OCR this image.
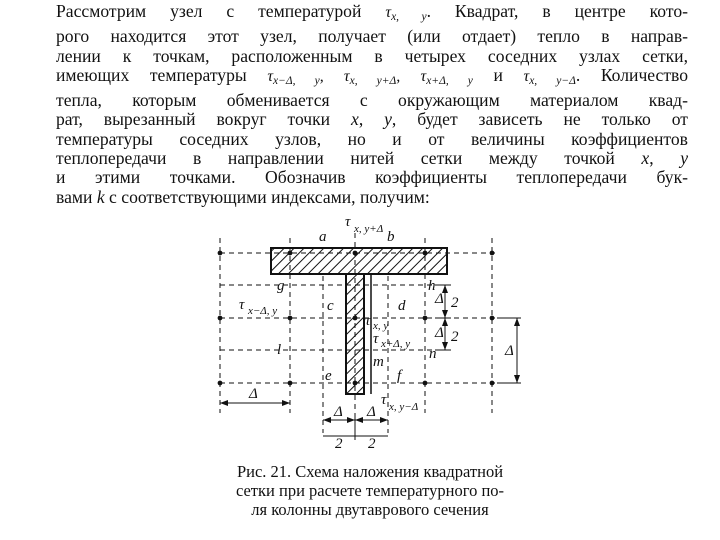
Рассмотрим узел с температурой $\tau_{x, y}$. Квадрат, в центре кото-
рого находится этот узел, получает (или отдает) тепло в направ-
лении к точкам, расположенным в четырех соседних узлах сетки,
имеющих температуры $\tau_{x-\Delta, y}$, $\tau_{x, y+\Delta}$, $\tau_{x+\Delta, y}$ и $\tau_{x, y-\Delta}$. Количество
тепла, которым обменивается с окружающим материалом квад-
рат, вырезанный вокруг точки x, y, будет зависеть не только от
температуры соседних узлов, но и от величины коэффициентов
теплопередачи в направлении нитей сетки между точкой x, y
и этими точками. Обозначив коэффициенты теплопередачи бук-
вами k с соответствующими индексами, получим:
τ x, y+Δ
a	b
g	h
τ x−Δ, y	c	d
τ x, y
τ x+Δ, y
l	n
m
e	f
τ x, y−Δ
Δ
Δ Δ
2 2
Δ 2
Δ 2
Δ
Рис. 21. Схема наложения квадратной
сетки при расчете температурного по-
ля колонны двутаврового сечения
